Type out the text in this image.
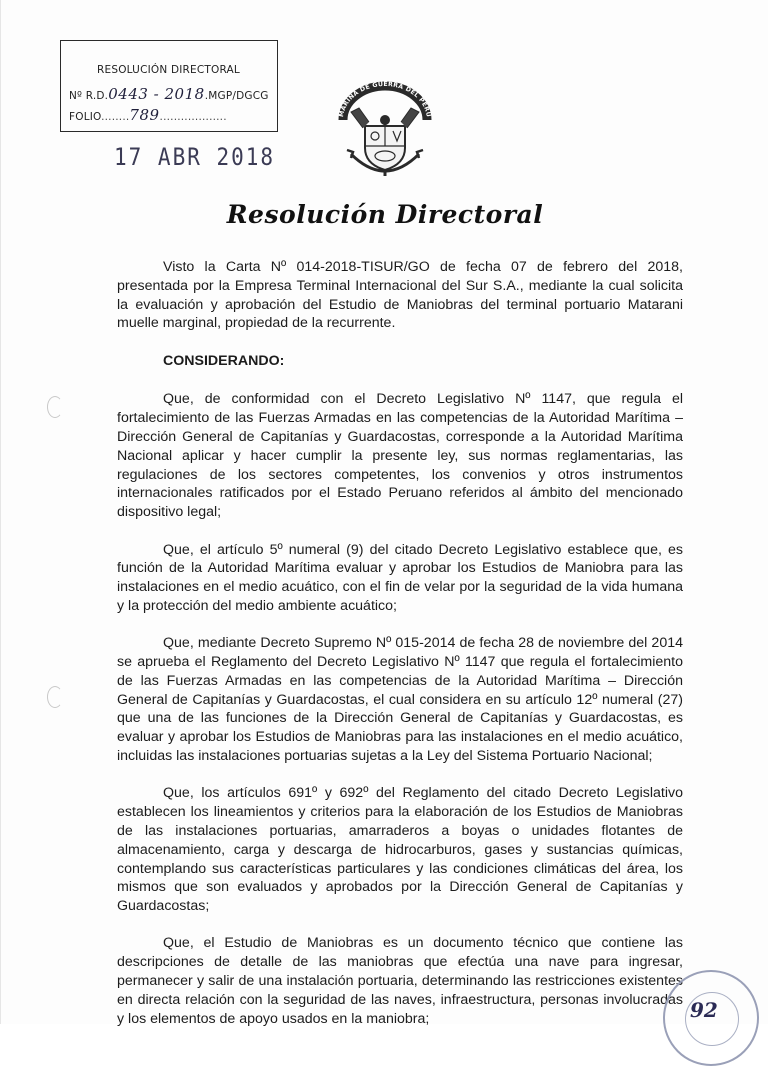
RESOLUCIÓN DIRECTORAL
Nº R.D.0443 - 2018.MGP/DGCG
FOLIO........789...................
17 ABR 2018
MARINA DE GUERRA DEL PERÚ
Resolución Directoral

Visto la Carta Nº 014-2018-TISUR/GO de fecha 07 de febrero del 2018, presentada por la Empresa Terminal Internacional del Sur S.A., mediante la cual solicita la evaluación y aprobación del Estudio de Maniobras del terminal portuario Matarani muelle marginal, propiedad de la recurrente.

CONSIDERANDO:

Que, de conformidad con el Decreto Legislativo Nº 1147, que regula el fortalecimiento de las Fuerzas Armadas en las competencias de la Autoridad Marítima – Dirección General de Capitanías y Guardacostas, corresponde a la Autoridad Marítima Nacional aplicar y hacer cumplir la presente ley, sus normas reglamentarias, las regulaciones de los sectores competentes, los convenios y otros instrumentos internacionales ratificados por el Estado Peruano referidos al ámbito del mencionado dispositivo legal;

Que, el artículo 5º numeral (9) del citado Decreto Legislativo establece que, es función de la Autoridad Marítima evaluar y aprobar los Estudios de Maniobra para las instalaciones en el medio acuático, con el fin de velar por la seguridad de la vida humana y la protección del medio ambiente acuático;

Que, mediante Decreto Supremo Nº 015-2014 de fecha 28 de noviembre del 2014 se aprueba el Reglamento del Decreto Legislativo Nº 1147 que regula el fortalecimiento de las Fuerzas Armadas en las competencias de la Autoridad Marítima – Dirección General de Capitanías y Guardacostas, el cual considera en su artículo 12º numeral (27) que una de las funciones de la Dirección General de Capitanías y Guardacostas, es evaluar y aprobar los Estudios de Maniobras para las instalaciones en el medio acuático, incluidas las instalaciones portuarias sujetas a la Ley del Sistema Portuario Nacional;

Que, los artículos 691º y 692º del Reglamento del citado Decreto Legislativo establecen los lineamientos y criterios para la elaboración de los Estudios de Maniobras de las instalaciones portuarias, amarraderos a boyas o unidades flotantes de almacenamiento, carga y descarga de hidrocarburos, gases y sustancias químicas, contemplando sus características particulares y las condiciones climáticas del área, los mismos que son evaluados y aprobados por la Dirección General de Capitanías y Guardacostas;

Que, el Estudio de Maniobras es un documento técnico que contiene las descripciones de detalle de las maniobras que efectúa una nave para ingresar, permanecer y salir de una instalación portuaria, determinando las restricciones existentes en directa relación con la seguridad de las naves, infraestructura, personas involucradas y los elementos de apoyo usados en la maniobra;	92
